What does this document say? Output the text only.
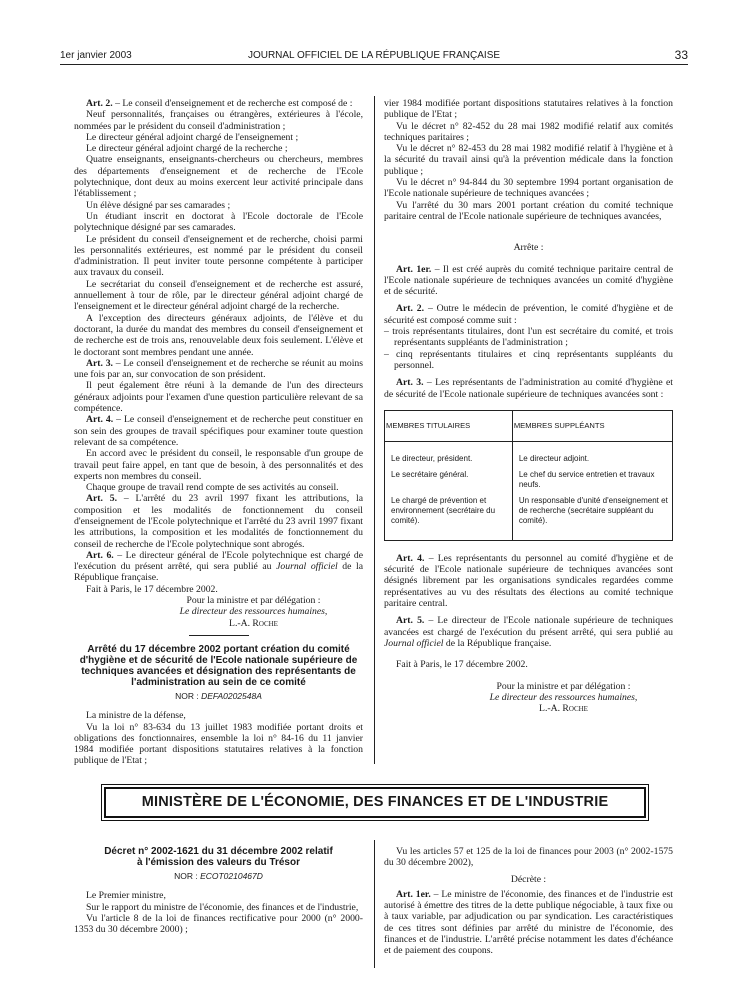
1er janvier 2003	JOURNAL OFFICIEL DE LA RÉPUBLIQUE FRANÇAISE	33

Art. 2. – Le conseil d'enseignement et de recherche est composé de :

Neuf personnalités, françaises ou étrangères, extérieures à l'école, nommées par le président du conseil d'administration ;

Le directeur général adjoint chargé de l'enseignement ;

Le directeur général adjoint chargé de la recherche ;

Quatre enseignants, enseignants-chercheurs ou chercheurs, membres des départements d'enseignement et de recherche de l'Ecole polytechnique, dont deux au moins exercent leur activité principale dans l'établissement ;

Un élève désigné par ses camarades ;

Un étudiant inscrit en doctorat à l'Ecole doctorale de l'Ecole polytechnique désigné par ses camarades.

Le président du conseil d'enseignement et de recherche, choisi parmi les personnalités extérieures, est nommé par le président du conseil d'administration. Il peut inviter toute personne compétente à participer aux travaux du conseil.

Le secrétariat du conseil d'enseignement et de recherche est assuré, annuellement à tour de rôle, par le directeur général adjoint chargé de l'enseignement et le directeur général adjoint chargé de la recherche.

A l'exception des directeurs généraux adjoints, de l'élève et du doctorant, la durée du mandat des membres du conseil d'enseignement et de recherche est de trois ans, renouvelable deux fois seulement. L'élève et le doctorant sont membres pendant une année.

Art. 3. – Le conseil d'enseignement et de recherche se réunit au moins une fois par an, sur convocation de son président.

Il peut également être réuni à la demande de l'un des directeurs généraux adjoints pour l'examen d'une question particulière relevant de sa compétence.

Art. 4. – Le conseil d'enseignement et de recherche peut constituer en son sein des groupes de travail spécifiques pour examiner toute question relevant de sa compétence.

En accord avec le président du conseil, le responsable d'un groupe de travail peut faire appel, en tant que de besoin, à des personnalités et des experts non membres du conseil.

Chaque groupe de travail rend compte de ses activités au conseil.

Art. 5. – L'arrêté du 23 avril 1997 fixant les attributions, la composition et les modalités de fonctionnement du conseil d'enseignement de l'Ecole polytechnique et l'arrêté du 23 avril 1997 fixant les attributions, la composition et les modalités de fonctionnement du conseil de recherche de l'Ecole polytechnique sont abrogés.

Art. 6. – Le directeur général de l'Ecole polytechnique est chargé de l'exécution du présent arrêté, qui sera publié au Journal officiel de la République française.

Fait à Paris, le 17 décembre 2002.

Pour la ministre et par délégation :

Le directeur des ressources humaines,

L.-A. Roche

Arrêté du 17 décembre 2002 portant création du comité d'hygiène et de sécurité de l'Ecole nationale supérieure de techniques avancées et désignation des représentants de l'administration au sein de ce comité
NOR : DEFA0202548A

La ministre de la défense,

Vu la loi n° 83-634 du 13 juillet 1983 modifiée portant droits et obligations des fonctionnaires, ensemble la loi n° 84-16 du 11 janvier 1984 modifiée portant dispositions statutaires relatives à la fonction publique de l'Etat ;

vier 1984 modifiée portant dispositions statutaires relatives à la fonction publique de l'Etat ;

Vu le décret n° 82-452 du 28 mai 1982 modifié relatif aux comités techniques paritaires ;

Vu le décret n° 82-453 du 28 mai 1982 modifié relatif à l'hygiène et à la sécurité du travail ainsi qu'à la prévention médicale dans la fonction publique ;

Vu le décret n° 94-844 du 30 septembre 1994 portant organisation de l'Ecole nationale supérieure de techniques avancées ;

Vu l'arrêté du 30 mars 2001 portant création du comité technique paritaire central de l'Ecole nationale supérieure de techniques avancées,

Arrête :

Art. 1er. – Il est créé auprès du comité technique paritaire central de l'Ecole nationale supérieure de techniques avancées un comité d'hygiène et de sécurité.

Art. 2. – Outre le médecin de prévention, le comité d'hygiène et de sécurité est composé comme suit :

– trois représentants titulaires, dont l'un est secrétaire du comité, et trois représentants suppléants de l'administration ;

– cinq représentants titulaires et cinq représentants suppléants du personnel.

Art. 3. – Les représentants de l'administration au comité d'hygiène et de sécurité de l'Ecole nationale supérieure de techniques avancées sont :

MEMBRES TITULAIRES	MEMBRES SUPPLÉANTS
Le directeur, président.	Le directeur adjoint.
Le secrétaire général.	Le chef du service entretien et travaux neufs.
Le chargé de prévention et environnement (secrétaire du comité).	Un responsable d'unité d'enseignement et de recherche (secrétaire suppléant du comité).

Art. 4. – Les représentants du personnel au comité d'hygiène et de sécurité de l'Ecole nationale supérieure de techniques avancées sont désignés librement par les organisations syndicales regardées comme représentatives au vu des résultats des élections au comité technique paritaire central.

Art. 5. – Le directeur de l'Ecole nationale supérieure de techniques avancées est chargé de l'exécution du présent arrêté, qui sera publié au Journal officiel de la République française.

Fait à Paris, le 17 décembre 2002.

Pour la ministre et par délégation :

Le directeur des ressources humaines,

L.-A. Roche

MINISTÈRE DE L'ÉCONOMIE, DES FINANCES ET DE L'INDUSTRIE
Décret n° 2002-1621 du 31 décembre 2002 relatif à l'émission des valeurs du Trésor
NOR : ECOT0210467D

Le Premier ministre,

Sur le rapport du ministre de l'économie, des finances et de l'industrie,

Vu l'article 8 de la loi de finances rectificative pour 2000 (n° 2000-1353 du 30 décembre 2000) ;

Vu les articles 57 et 125 de la loi de finances pour 2003 (n° 2002-1575 du 30 décembre 2002),

Décrète :

Art. 1er. – Le ministre de l'économie, des finances et de l'industrie est autorisé à émettre des titres de la dette publique négociable, à taux fixe ou à taux variable, par adjudication ou par syndication. Les caractéristiques de ces titres sont définies par arrêté du ministre de l'économie, des finances et de l'industrie. L'arrêté précise notamment les dates d'échéance et de paiement des coupons.
